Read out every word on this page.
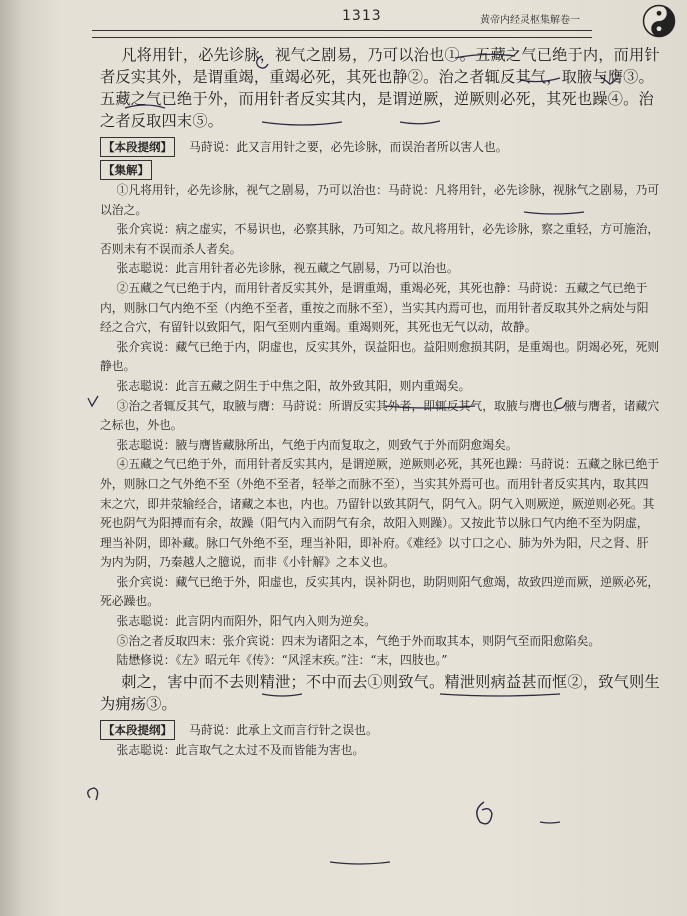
1313	黄帝内经灵枢集解卷一

凡将用针，必先诊脉，视气之剧易，乃可以治也①。五藏之气已绝于内，而用针者反实其外，是谓重竭，重竭必死，其死也静②。治之者辄反其气，取腋与膺③。五藏之气已绝于外，而用针者反实其内，是谓逆厥，逆厥则必死，其死也躁④。治之者反取四末⑤。

【本段提纲】 马莳说：此又言用针之要，必先诊脉，而误治者所以害人也。
【集解】

①凡将用针，必先诊脉，视气之剧易，乃可以治也：马莳说：凡将用针，必先诊脉，视脉气之剧易，乃可以治之。

张介宾说：病之虚实，不易识也，必察其脉，乃可知之。故凡将用针，必先诊脉，察之重轻，方可施治，否则未有不误而杀人者矣。

张志聪说：此言用针者必先诊脉，视五藏之气剧易，乃可以治也。

②五藏之气已绝于内，而用针者反实其外，是谓重竭，重竭必死，其死也静：马莳说：五藏之气已绝于内，则脉口气内绝不至（内绝不至者，重按之而脉不至），当实其内焉可也，而用针者反取其外之病处与阳经之合穴，有留针以致阳气，阳气至则内重竭。重竭则死，其死也无气以动，故静。

张介宾说：藏气已绝于内，阴虚也，反实其外，误益阳也。益阳则愈损其阴，是重竭也。阴竭必死，死则静也。

张志聪说：此言五藏之阴生于中焦之阳，故外致其阳，则内重竭矣。

③治之者辄反其气，取腋与膺：马莳说：所谓反实其外者，即辄反其气，取腋与膺也。腋与膺者，诸藏穴之标也，外也。

张志聪说：腋与膺皆藏脉所出，气绝于内而复取之，则致气于外而阴愈竭矣。

④五藏之气已绝于外，而用针者反实其内，是谓逆厥，逆厥则必死，其死也躁：马莳说：五藏之脉已绝于外，则脉口之气外绝不至（外绝不至者，轻举之而脉不至），当实其外焉可也。而用针者反实其内，取其四末之穴，即井荥输经合，诸藏之本也，内也。乃留针以致其阴气，阴气入。阴气入则厥逆，厥逆则必死。其死也阴气为阳搏而有余，故躁（阳气内入而阴气有余，故阳入则躁）。又按此节以脉口气内绝不至为阴虚，理当补阴，即补藏。脉口气外绝不至，理当补阳，即补府。《难经》以寸口之心、肺为外为阳，尺之肾、肝为内为阴，乃秦越人之臆说，而非《小针解》之本义也。

张介宾说：藏气已绝于外，阳虚也，反实其内，误补阴也，助阴则阳气愈竭，故致四逆而厥，逆厥必死，死必躁也。

张志聪说：此言阴内而阳外，阳气内入则为逆矣。

⑤治之者反取四末：张介宾说：四末为诸阳之本，气绝于外而取其本，则阴气至而阳愈陷矣。

陆懋修说：《左》昭元年《传》：“风淫末疾。”注：“末，四肢也。”

刺之，害中而不去则精泄；不中而去①则致气。精泄则病益甚而恇②，致气则生为痈疡③。

【本段提纲】 马莳说：此承上文而言行针之误也。

张志聪说：此言取气之太过不及而皆能为害也。
